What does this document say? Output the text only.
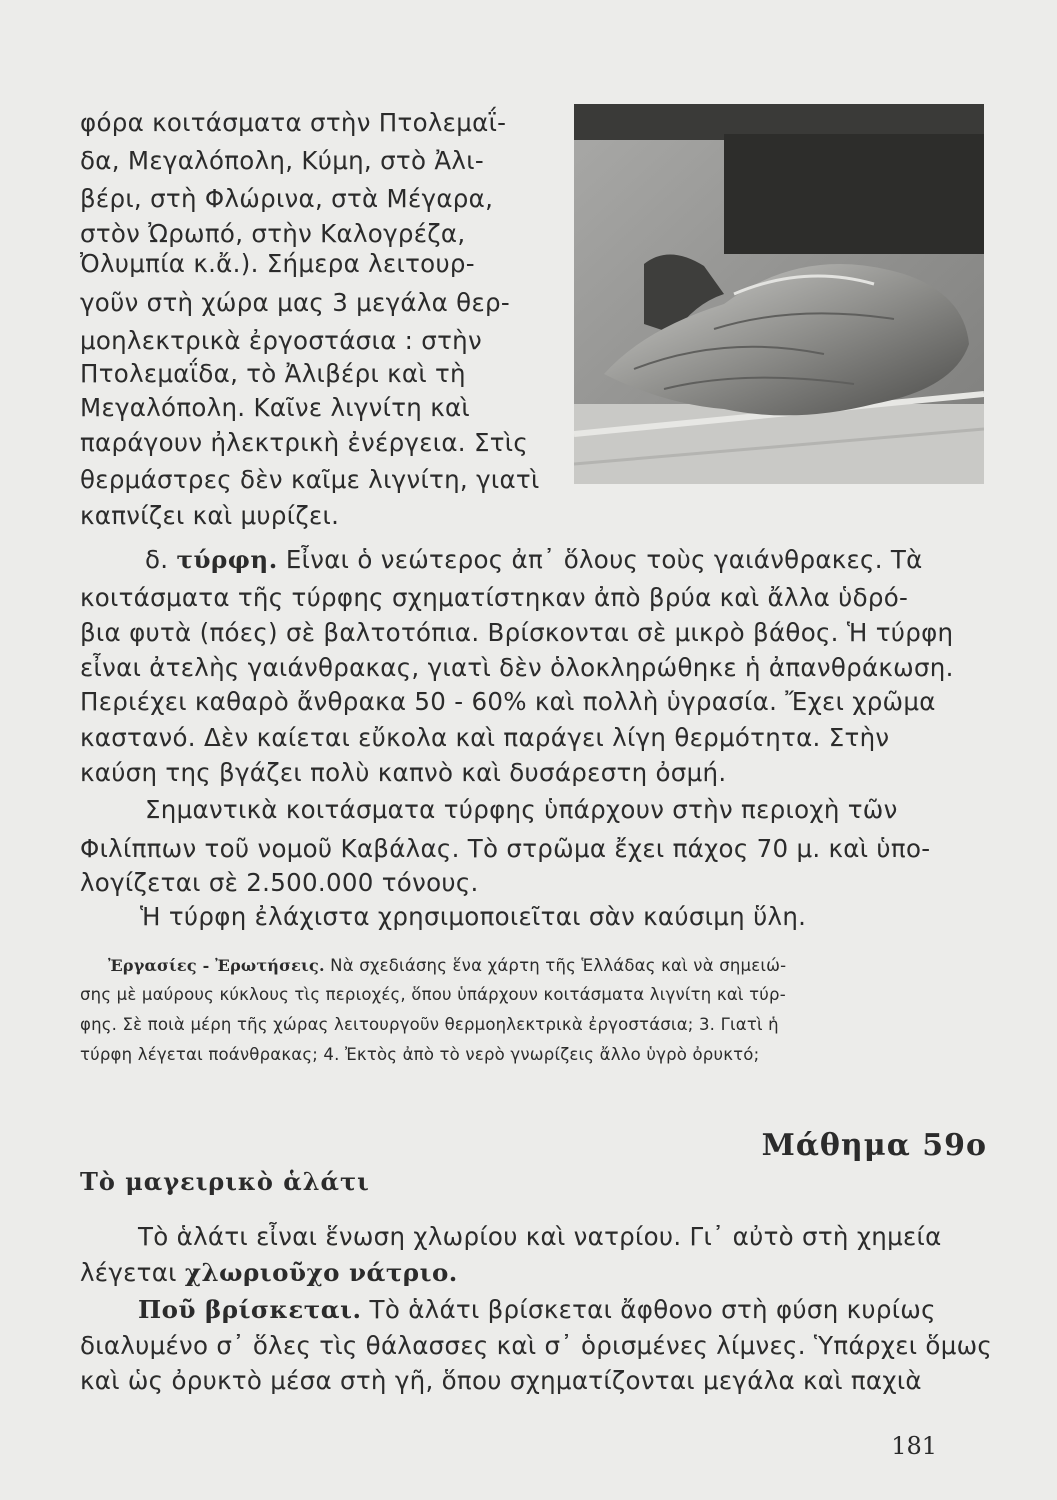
φόρα κοιτάσματα στὴν Πτολεμαΐ-
δα, Μεγαλόπολη, Κύμη, στὸ Ἀλι-
βέρι, στὴ Φλώρινα, στὰ Μέγαρα,
στὸν Ὠρωπό, στὴν Καλογρέζα,
Ὀλυμπία κ.ἄ.). Σήμερα λειτουρ-
γοῦν στὴ χώρα μας 3 μεγάλα θερ-
μοηλεκτρικὰ ἐργοστάσια : στὴν
Πτολεμαΐδα, τὸ Ἀλιβέρι καὶ τὴ
Μεγαλόπολη. Καῖνε λιγνίτη καὶ
παράγουν ἠλεκτρικὴ ἐνέργεια. Στὶς
θερμάστρες δὲν καῖμε λιγνίτη, γιατὶ
καπνίζει καὶ μυρίζει.
δ. τύρφη. Εἶναι ὁ νεώτερος ἀπ᾽ ὅλους τοὺς γαιάνθρακες. Τὰ
κοιτάσματα τῆς τύρφης σχηματίστηκαν ἀπὸ βρύα καὶ ἄλλα ὑδρό-
βια φυτὰ (πόες) σὲ βαλτοτόπια. Βρίσκονται σὲ μικρὸ βάθος. Ἡ τύρφη
εἶναι ἀτελὴς γαιάνθρακας, γιατὶ δὲν ὁλοκληρώθηκε ἡ ἀπανθράκωση.
Περιέχει καθαρὸ ἄνθρακα 50 - 60% καὶ πολλὴ ὑγρασία. Ἔχει χρῶμα
καστανό. Δὲν καίεται εὔκολα καὶ παράγει λίγη θερμότητα. Στὴν
καύση της βγάζει πολὺ καπνὸ καὶ δυσάρεστη ὀσμή.
Σημαντικὰ κοιτάσματα τύρφης ὑπάρχουν στὴν περιοχὴ τῶν
Φιλίππων τοῦ νομοῦ Καβάλας. Τὸ στρῶμα ἔχει πάχος 70 μ. καὶ ὑπο-
λογίζεται σὲ 2.500.000 τόνους.
Ἡ τύρφη ἐλάχιστα χρησιμοποιεῖται σὰν καύσιμη ὕλη.
Ἐργασίες - Ἐρωτήσεις. Νὰ σχεδιάσης ἕνα χάρτη τῆς Ἑλλάδας καὶ νὰ σημειώ-
σης μὲ μαύρους κύκλους τὶς περιοχές, ὅπου ὑπάρχουν κοιτάσματα λιγνίτη καὶ τύρ-
φης. Σὲ ποιὰ μέρη τῆς χώρας λειτουργοῦν θερμοηλεκτρικὰ ἐργοστάσια; 3. Γιατὶ ἡ
τύρφη λέγεται ποάνθρακας; 4. Ἐκτὸς ἀπὸ τὸ νερὸ γνωρίζεις ἄλλο ὑγρὸ ὀρυκτό;
Μάθημα 59ο
Τὸ μαγειρικὸ ἁλάτι
Τὸ ἁλάτι εἶναι ἕνωση χλωρίου καὶ νατρίου. Γι᾽ αὐτὸ στὴ χημεία
λέγεται χλωριοῦχο νάτριο.
Ποῦ βρίσκεται. Τὸ ἁλάτι βρίσκεται ἄφθονο στὴ φύση κυρίως
διαλυμένο σ᾽ ὅλες τὶς θάλασσες καὶ σ᾽ ὁρισμένες λίμνες. Ὑπάρχει ὅμως
καὶ ὡς ὀρυκτὸ μέσα στὴ γῆ, ὅπου σχηματίζονται μεγάλα καὶ παχιὰ
181
